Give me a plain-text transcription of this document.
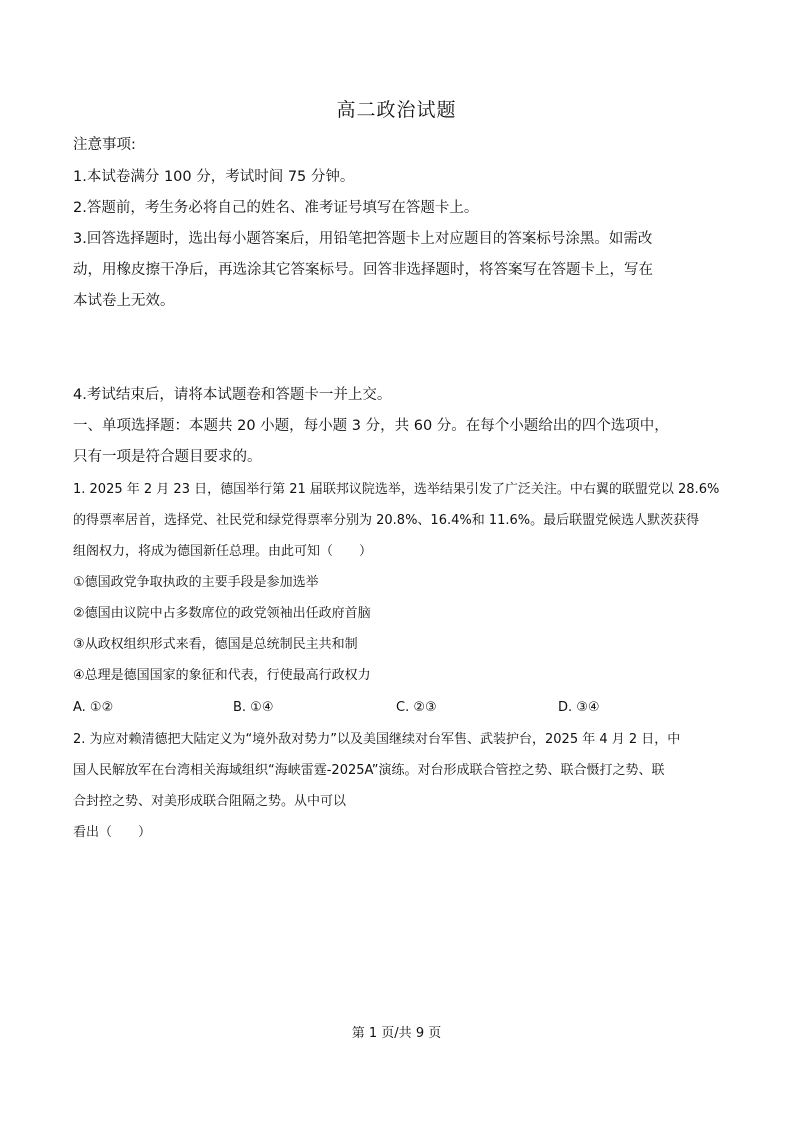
高二政治试题
注意事项:
1.本试卷满分 100 分，考试时间 75 分钟。
2.答题前，考生务必将自己的姓名、准考证号填写在答题卡上。
3.回答选择题时，选出每小题答案后，用铅笔把答题卡上对应题目的答案标号涂黑。如需改
动，用橡皮擦干净后，再选涂其它答案标号。回答非选择题时，将答案写在答题卡上，写在
本试卷上无效。
4.考试结束后，请将本试题卷和答题卡一并上交。
一、单项选择题：本题共 20 小题，每小题 3 分，共 60 分。在每个小题给出的四个选项中，
只有一项是符合题目要求的。
1. 2025 年 2 月 23 日，德国举行第 21 届联邦议院选举，选举结果引发了广泛关注。中右翼的联盟党以 28.6%
的得票率居首，选择党、社民党和绿党得票率分别为 20.8%、16.4%和 11.6%。最后联盟党候选人默茨获得
组阁权力，将成为德国新任总理。由此可知（　　）
①德国政党争取执政的主要手段是参加选举
②德国由议院中占多数席位的政党领袖出任政府首脑
③从政权组织形式来看，德国是总统制民主共和制
④总理是德国国家的象征和代表，行使最高行政权力
A. ①②	B. ①④	C. ②③	D. ③④
2. 为应对赖清德把大陆定义为“境外敌对势力”以及美国继续对台军售、武装护台，2025 年 4 月 2 日，中
国人民解放军在台湾相关海域组织“海峡雷霆-2025A”演练。对台形成联合管控之势、联合慑打之势、联
合封控之势、对美形成联合阻隔之势。从中可以
看出（　　）
第 1 页/共 9 页
